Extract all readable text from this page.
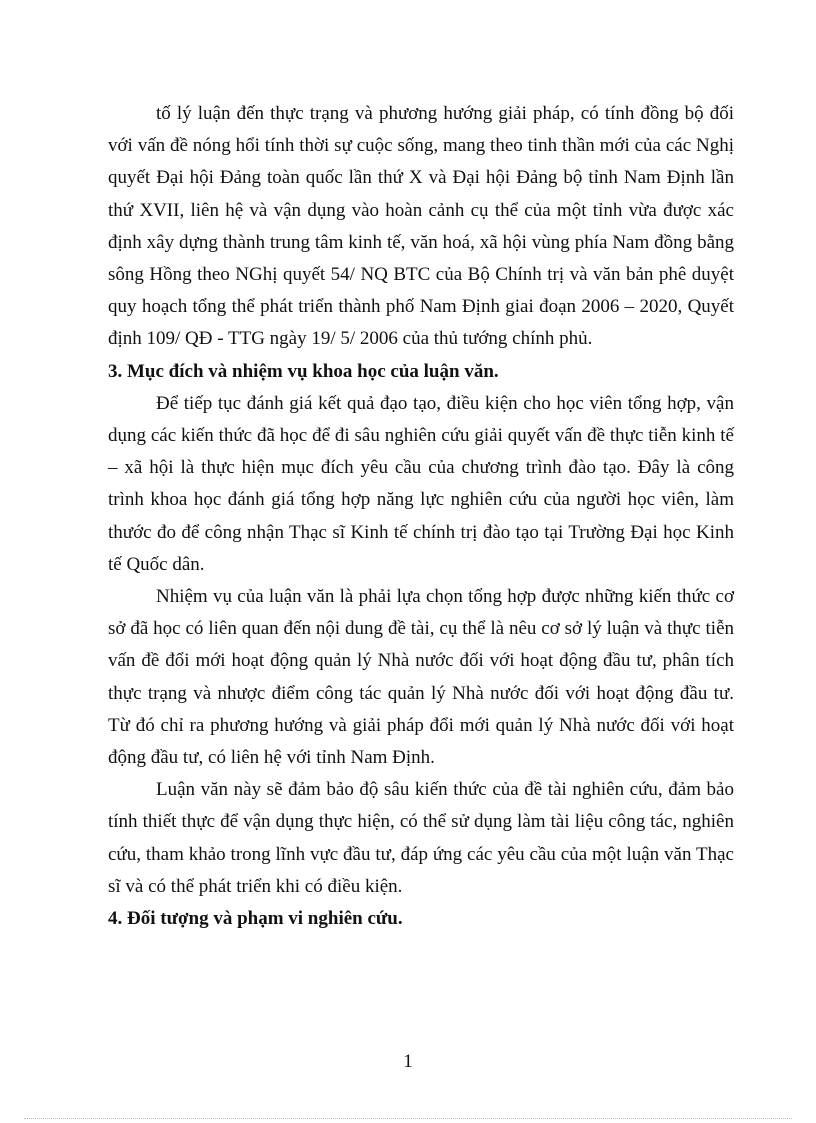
tố lý luận đến thực trạng và phương hướng giải pháp, có tính đồng bộ đối với vấn đề nóng hổi tính thời sự cuộc sống, mang theo tinh thần mới của các Nghị quyết Đại hội Đảng toàn quốc lần thứ X và Đại hội Đảng bộ tỉnh Nam Định lần thứ XVII, liên hệ và vận dụng vào hoàn cảnh cụ thể của một tỉnh vừa được xác định xây dựng thành trung tâm kinh tế, văn hoá, xã hội vùng phía Nam đồng bằng sông Hồng theo NGhị quyết 54/ NQ BTC của Bộ Chính trị và văn bản phê duyệt quy hoạch tổng thể phát triển thành phố Nam Định giai đoạn 2006 – 2020, Quyết định 109/ QĐ - TTG ngày 19/ 5/ 2006 của thủ tướng chính phủ.

3. Mục đích và nhiệm vụ khoa học của luận văn.

Để tiếp tục đánh giá kết quả đạo tạo, điều kiện cho học viên tổng hợp, vận dụng các kiến thức đã học để đi sâu nghiên cứu giải quyết vấn đề thực tiễn kinh tế – xã hội là thực hiện mục đích yêu cầu của chương trình đào tạo. Đây là công trình khoa học đánh giá tổng hợp năng lực nghiên cứu của người học viên, làm thước đo để công nhận Thạc sĩ Kinh tế chính trị đào tạo tại Trường Đại học Kinh tế Quốc dân.

Nhiệm vụ của luận văn là phải lựa chọn tổng hợp được những kiến thức cơ sở đã học có liên quan đến nội dung đề tài, cụ thể là nêu cơ sở lý luận và thực tiễn vấn đề đổi mới hoạt động quản lý Nhà nước đối với hoạt động đầu tư, phân tích thực trạng và nhược điểm công tác quản lý Nhà nước đối với hoạt động đầu tư. Từ đó chỉ ra phương hướng và giải pháp đổi mới quản lý Nhà nước đối với hoạt động đầu tư, có liên hệ với tỉnh Nam Định.

Luận văn này sẽ đảm bảo độ sâu kiến thức của đề tài nghiên cứu, đảm bảo tính thiết thực để vận dụng thực hiện, có thể sử dụng làm tài liệu công tác, nghiên cứu, tham khảo trong lĩnh vực đầu tư, đáp ứng các yêu cầu của một luận văn Thạc sĩ và có thể phát triển khi có điều kiện.

4. Đối tượng và phạm vi nghiên cứu.

1
